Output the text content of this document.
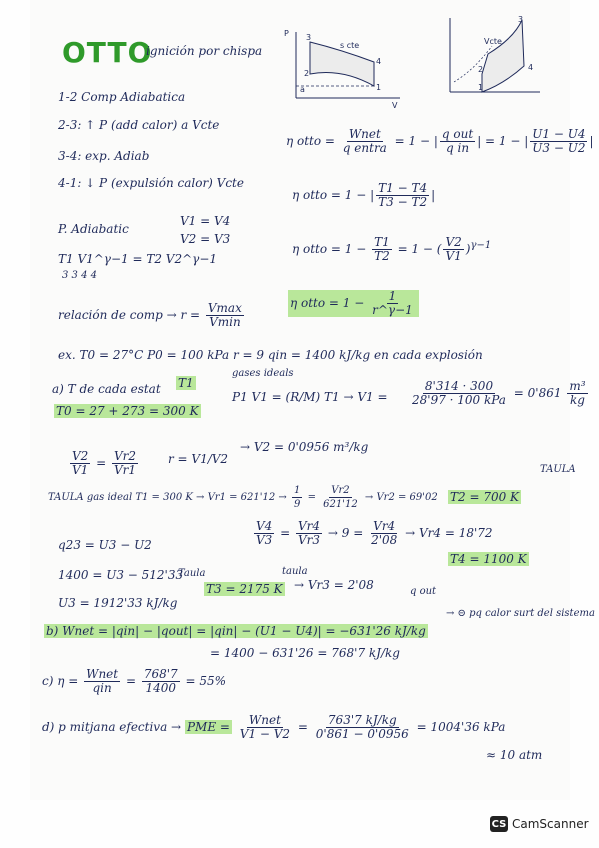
OTTO
ignición por chispa
1-2 Comp Adiabatica
2-3: ↑ P (add calor) a Vcte
3-4: exp. Adiab
4-1: ↓ P (expulsión calor) Vcte
P
V
1
2
3
4
s cte
a
Vcte
1
2
3
4
η otto = $\frac{\text{Wnet}}{\text{q entra}} = 1$ − | $\frac{\text{q out}}{\text{q in}}$ | = 1 − | $\frac{U1 - U4}{U3 - U2}$ |
η otto = 1 − | $\frac{T1 - T4}{T3 - T2}$ |
η otto = $1 - \frac{T1}{T2} = 1$ − ( $\frac{V2}{V1} )^{\gamma-1}$
η otto = $1 - \frac{1}{r\^{}\gamma-1}$
P. Adiabatic
V1 = V4
V2 = V3
T1 V1^γ−1 = T2 V2^γ−1
3 3 4 4
relación de comp → $r = \frac{Vmax}{Vmin}$
ex. T0 = 27°C P0 = 100 kPa r = 9 qin = 1400 kJ/kg en cada explosión
a) T de cada estat T1
gases ideals
T0 = 27 + 273 = 300 K
P1 V1 = (R/M) $T1 \to V1 = \frac{8'314 \cdot 300}{\text{28'97 · 100 kPa}} = 0'861 \frac{\text{m³}}{kg}$
$\frac{V2}{V1} = \frac{Vr2}{Vr1}$ r = V1/V2
→ V2 = 0'0956 m³/kg
TAULA gas ideal T1 = 300 $K \to Vr1 = 621'12 \to \frac{1}{9} = \frac{Vr2}{621'12} \to Vr2 = 69'02$
TAULA
T2 = 700 K
$\frac{V4}{V3} = \frac{Vr4}{Vr3} \to 9 = \frac{Vr4}{2'08} \to Vr4 = 18'72$
q23 = U3 − U2
T4 = 1100 K
1400 = U3 − 512'33
Taula	taula
T3 = 2175 K → Vr3 = 2'08	q out
U3 = 1912'33 kJ/kg
b) Wnet = |qin| − |qout| = |qin| − (U1 − U4)| = −631'26 kJ/kg
→ ⊝ pq calor surt del sistema
= 1400 − 631'26 = 768'7 kJ/kg
c) $\eta = \frac{\text{Wnet}}{\text{qin}} = \frac{768'7}{1400} = 55\%$
d) p mitjana efectiva → PME = $\frac{\text{Wnet}}{V1 - V2} = \frac{763'7 kJ/kg}{0'861 - 0'0956} = 1004'36$ kPa
≈ 10 atm
CS CamScanner
